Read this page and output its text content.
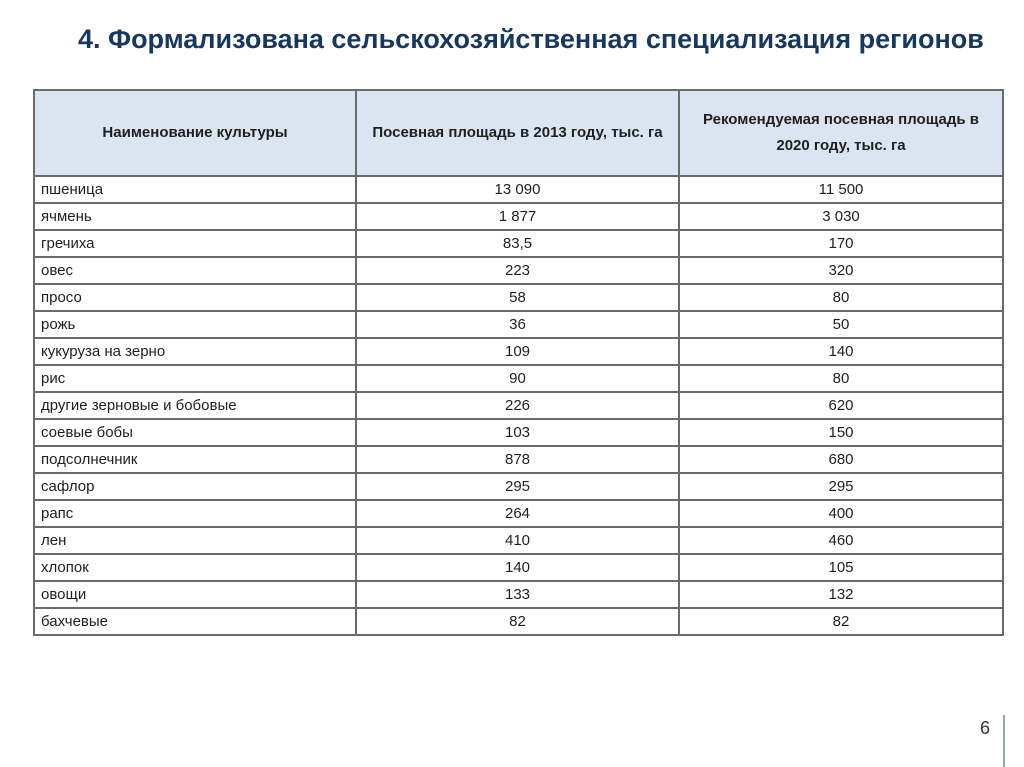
4. Формализована сельскохозяйственная специализация регионов
Наименование культуры	Посевная площадь в 2013 году, тыс. га	Рекомендуемая посевная площадь в 2020 году, тыс. га
пшеница	13 090	11 500
ячмень	1 877	3 030
гречиха	83,5	170
овес	223	320
просо	58	80
рожь	36	50
кукуруза на зерно	109	140
рис	90	80
другие зерновые и бобовые	226	620
соевые бобы	103	150
подсолнечник	878	680
сафлор	295	295
рапс	264	400
лен	410	460
хлопок	140	105
овощи	133	132
бахчевые	82	82
6
